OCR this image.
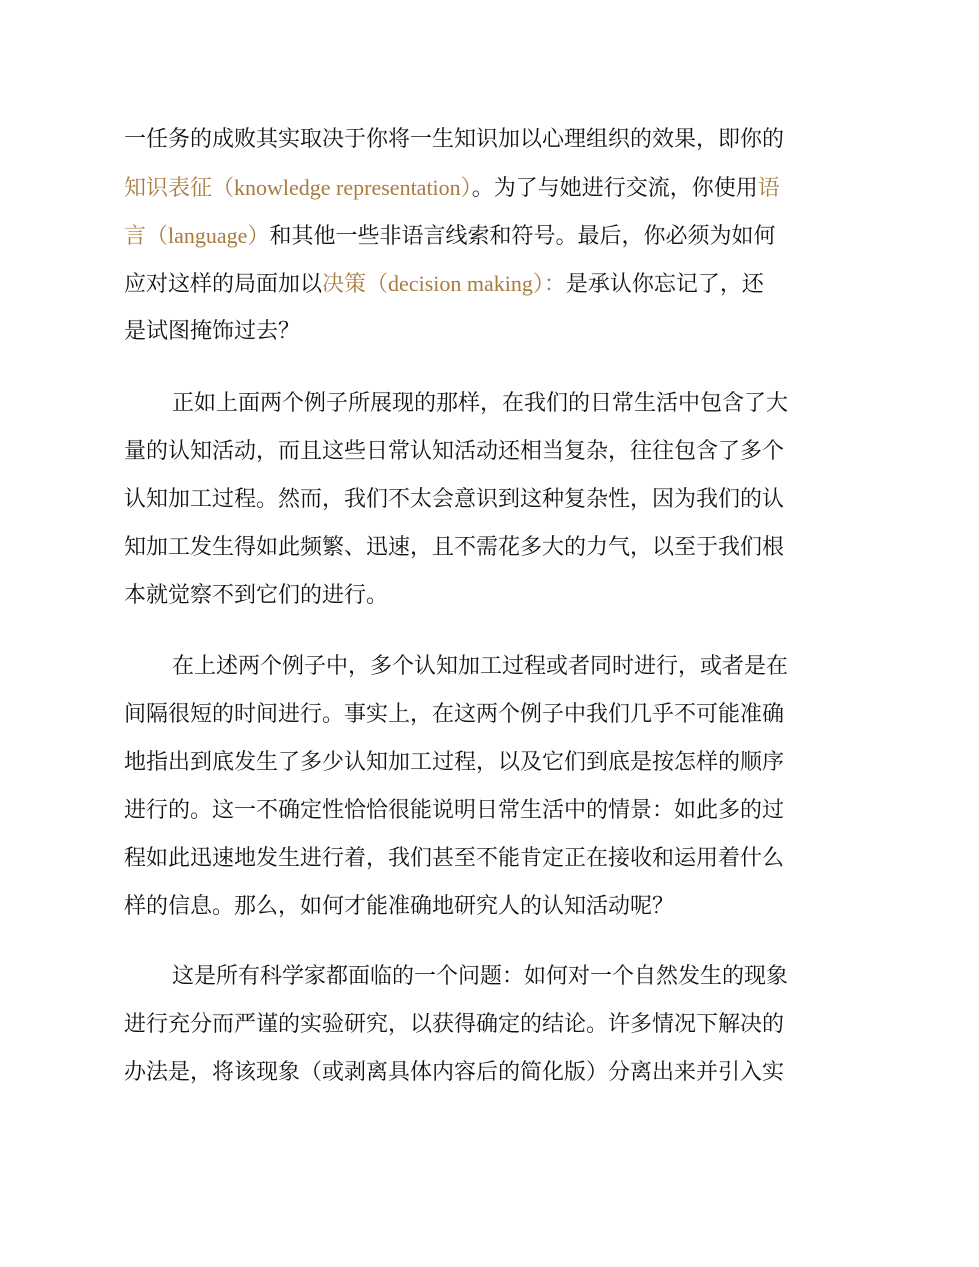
一任务的成败其实取决于你将一生知识加以心理组织的效果，即你的
知识表征（knowledge representation）。为了与她进行交流，你使用语
言（language）和其他一些非语言线索和符号。最后，你必须为如何
应对这样的局面加以决策（decision making）：是承认你忘记了，还
是试图掩饰过去？
正如上面两个例子所展现的那样，在我们的日常生活中包含了大
量的认知活动，而且这些日常认知活动还相当复杂，往往包含了多个
认知加工过程。然而，我们不太会意识到这种复杂性，因为我们的认
知加工发生得如此频繁、迅速，且不需花多大的力气，以至于我们根
本就觉察不到它们的进行。
在上述两个例子中，多个认知加工过程或者同时进行，或者是在
间隔很短的时间进行。事实上，在这两个例子中我们几乎不可能准确
地指出到底发生了多少认知加工过程，以及它们到底是按怎样的顺序
进行的。这一不确定性恰恰很能说明日常生活中的情景：如此多的过
程如此迅速地发生进行着，我们甚至不能肯定正在接收和运用着什么
样的信息。那么，如何才能准确地研究人的认知活动呢？
这是所有科学家都面临的一个问题：如何对一个自然发生的现象
进行充分而严谨的实验研究，以获得确定的结论。许多情况下解决的
办法是，将该现象（或剥离具体内容后的简化版）分离出来并引入实
